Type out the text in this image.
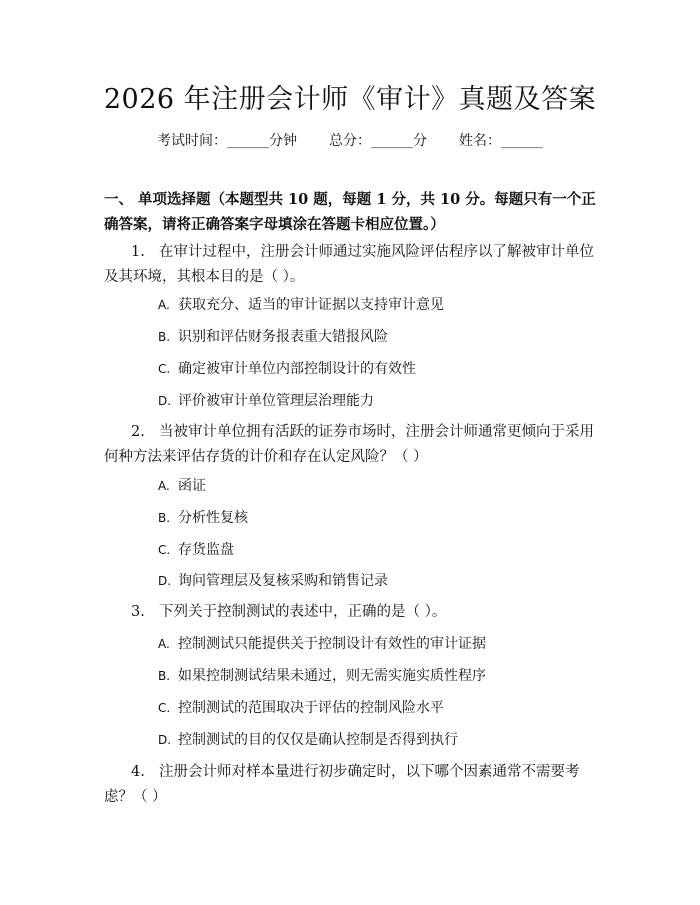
2026 年注册会计师《审计》真题及答案
考试时间：______分钟 总分：______分 姓名：______
一、 单项选择题（本题型共 10 题，每题 1 分，共 10 分。每题只有一个正确答案，请将正确答案字母填涂在答题卡相应位置。）
1. 在审计过程中，注册会计师通过实施风险评估程序以了解被审计单位及其环境，其根本目的是（ ）。
A. 获取充分、适当的审计证据以支持审计意见
B. 识别和评估财务报表重大错报风险
C. 确定被审计单位内部控制设计的有效性
D. 评价被审计单位管理层治理能力
2. 当被审计单位拥有活跃的证券市场时，注册会计师通常更倾向于采用何种方法来评估存货的计价和存在认定风险？（ ）
A. 函证
B. 分析性复核
C. 存货监盘
D. 询问管理层及复核采购和销售记录
3. 下列关于控制测试的表述中，正确的是（ ）。
A. 控制测试只能提供关于控制设计有效性的审计证据
B. 如果控制测试结果未通过，则无需实施实质性程序
C. 控制测试的范围取决于评估的控制风险水平
D. 控制测试的目的仅仅是确认控制是否得到执行
4. 注册会计师对样本量进行初步确定时，以下哪个因素通常不需要考虑？（ ）
